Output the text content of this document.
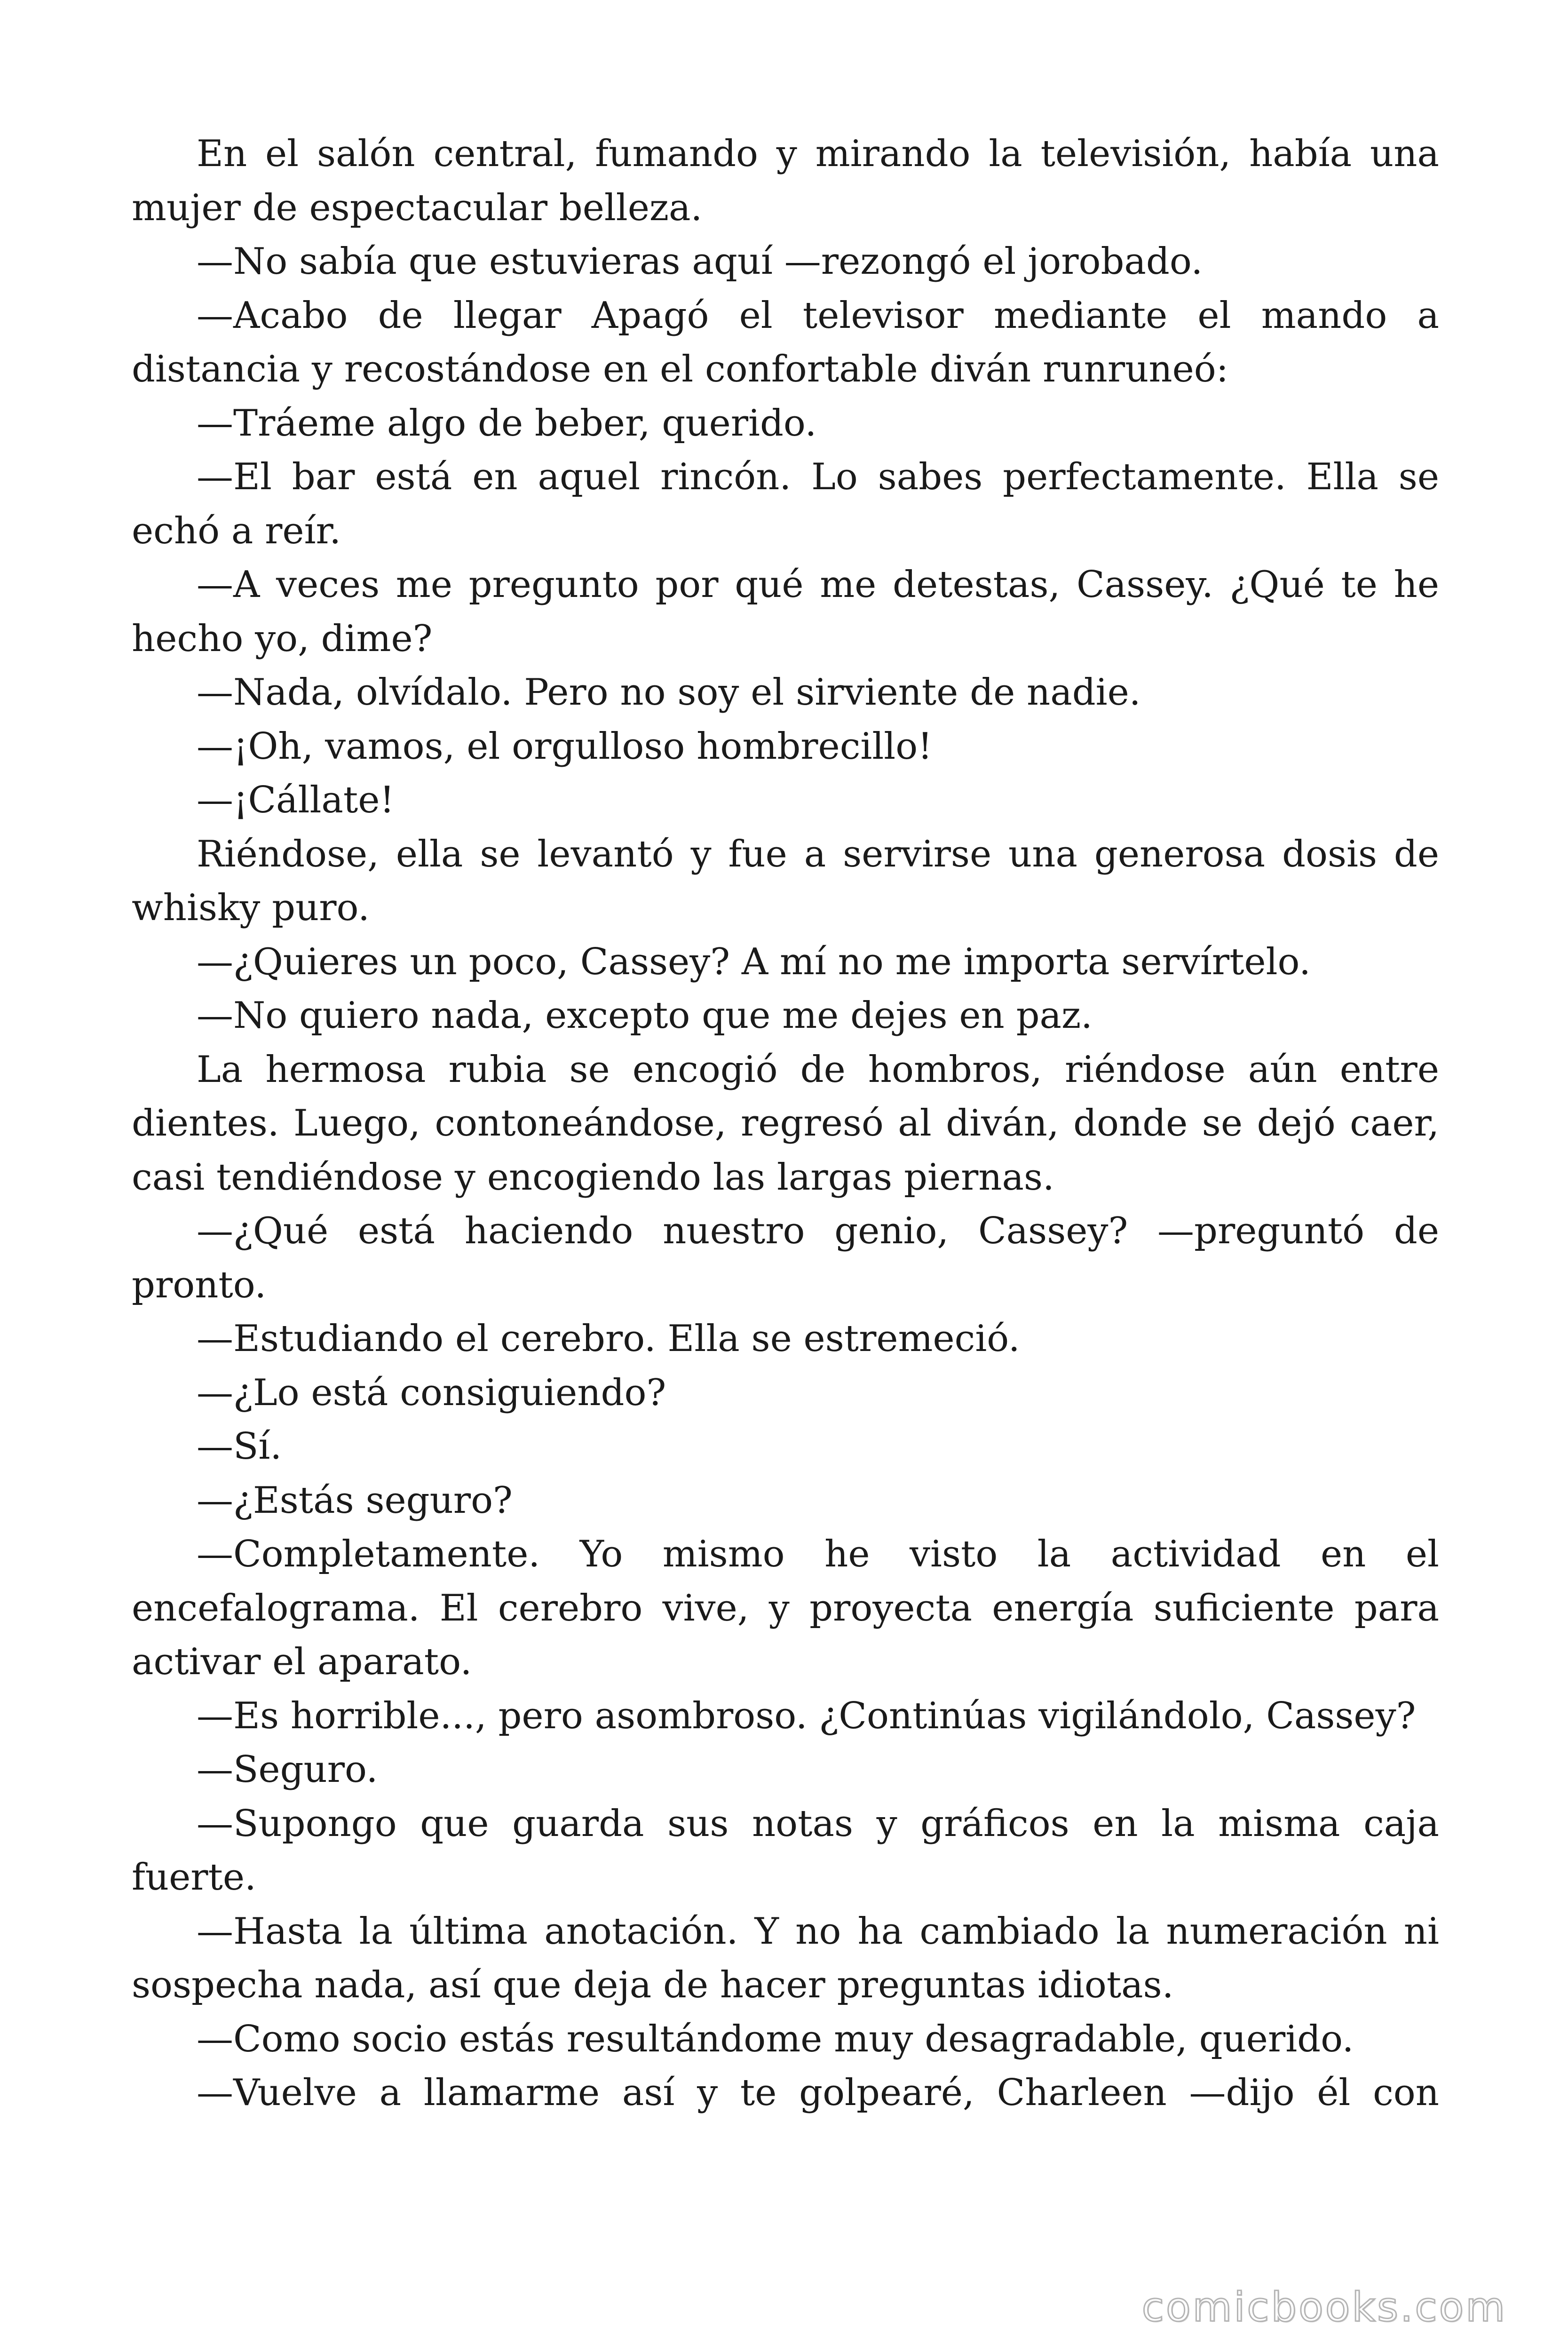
En el salón central, fumando y mirando la televisión, había una mujer de espectacular belleza.

—No sabía que estuvieras aquí —rezongó el jorobado.

—Acabo de llegar Apagó el televisor mediante el mando a distancia y recostándose en el confortable diván runruneó:

—Tráeme algo de beber, querido.

—El bar está en aquel rincón. Lo sabes perfectamente. Ella se echó a reír.

—A veces me pregunto por qué me detestas, Cassey. ¿Qué te he hecho yo, dime?

—Nada, olvídalo. Pero no soy el sirviente de nadie.

—¡Oh, vamos, el orgulloso hombrecillo!

—¡Cállate!

Riéndose, ella se levantó y fue a servirse una generosa dosis de whisky puro.

—¿Quieres un poco, Cassey? A mí no me importa servírtelo.

—No quiero nada, excepto que me dejes en paz.

La hermosa rubia se encogió de hombros, riéndose aún entre dientes. Luego, contoneándose, regresó al diván, donde se dejó caer, casi tendiéndose y encogiendo las largas piernas.

—¿Qué está haciendo nuestro genio, Cassey? —preguntó de pronto.

—Estudiando el cerebro. Ella se estremeció.

—¿Lo está consiguiendo?

—Sí.

—¿Estás seguro?

—Completamente. Yo mismo he visto la actividad en el encefalograma. El cerebro vive, y proyecta energía suficiente para activar el aparato.

—Es horrible..., pero asombroso. ¿Continúas vigilándolo, Cassey?

—Seguro.

—Supongo que guarda sus notas y gráficos en la misma caja fuerte.

—Hasta la última anotación. Y no ha cambiado la numeración ni sospecha nada, así que deja de hacer preguntas idiotas.

—Como socio estás resultándome muy desagradable, querido.

—Vuelve a llamarme así y te golpearé, Charleen —dijo él con

comicbooks.com
